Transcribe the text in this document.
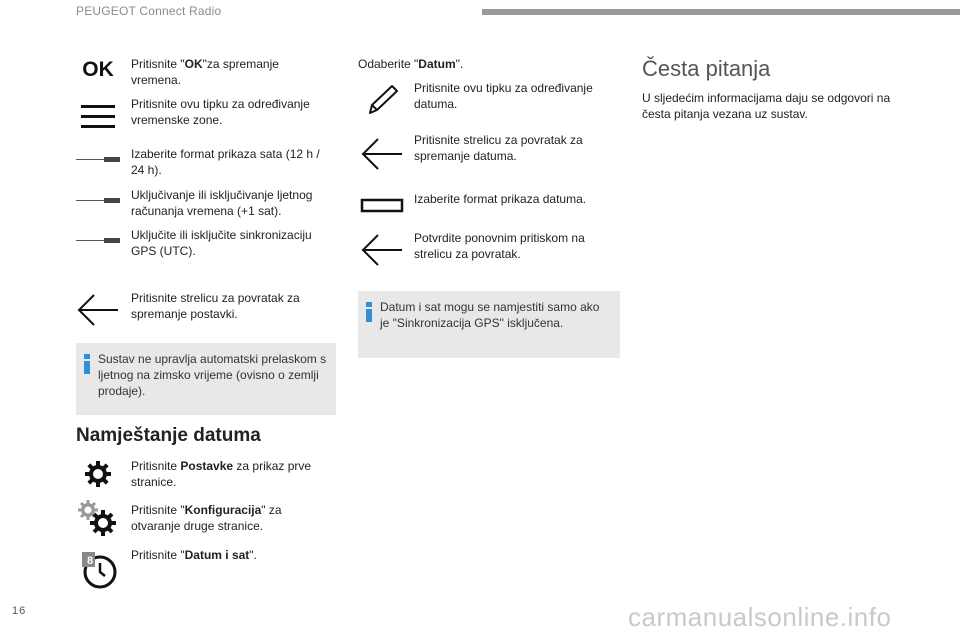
PEUGEOT Connect Radio
OK Pritisnite "OK"za spremanje vremena.
Pritisnite ovu tipku za određivanje vremenske zone.
Izaberite format prikaza sata (12 h / 24 h).
Uključivanje ili isključivanje ljetnog računanja vremena (+1 sat).
Uključite ili isključite sinkronizaciju GPS (UTC).
Pritisnite strelicu za povratak za spremanje postavki.
Sustav ne upravlja automatski prelaskom s ljetnog na zimsko vrijeme (ovisno o zemlji prodaje).
Namještanje datuma
Pritisnite Postavke za prikaz prve stranice.
Pritisnite "Konfiguracija" za otvaranje druge stranice.
8	Pritisnite "Datum i sat".
Odaberite "Datum".
Pritisnite ovu tipku za određivanje datuma.
Pritisnite strelicu za povratak za spremanje datuma.
Izaberite format prikaza datuma.
Potvrdite ponovnim pritiskom na strelicu za povratak.
Datum i sat mogu se namjestiti samo ako je "Sinkronizacija GPS" isključena.
Česta pitanja
U sljedećim informacijama daju se odgovori na česta pitanja vezana uz sustav.
16	carmanualsonline.info
